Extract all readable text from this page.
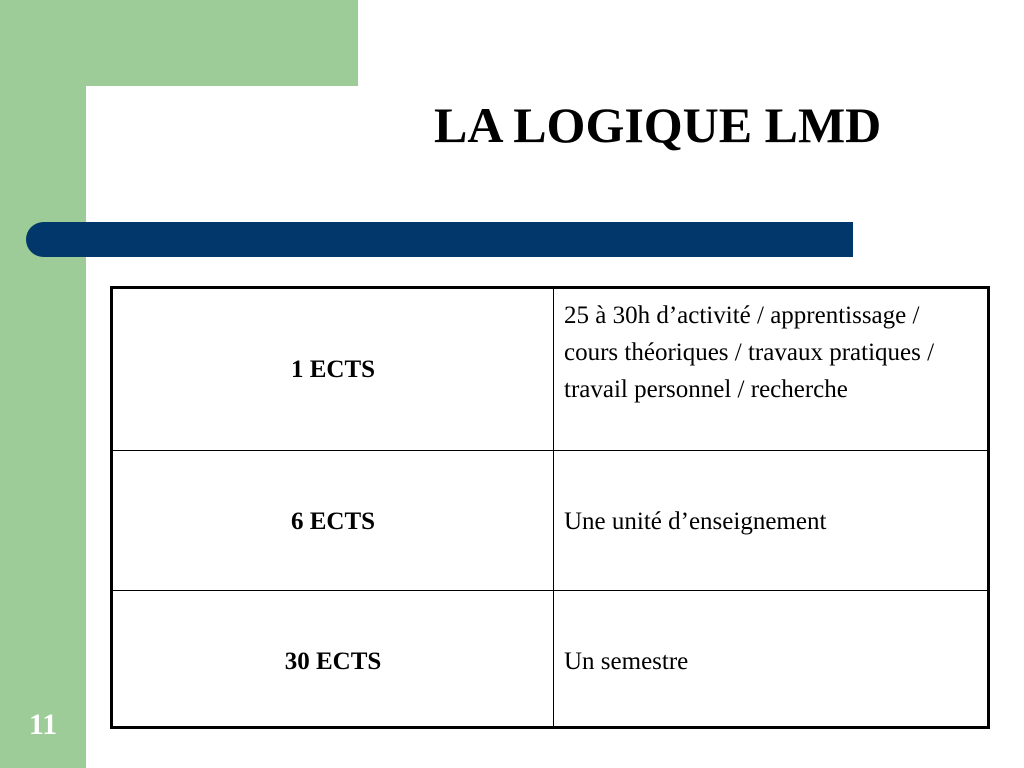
LA LOGIQUE LMD
1 ECTS	25 à 30h d’activité / apprentissage / cours théoriques / travaux pratiques / travail personnel / recherche
6 ECTS	Une unité d’enseignement
30 ECTS	Un semestre
11
